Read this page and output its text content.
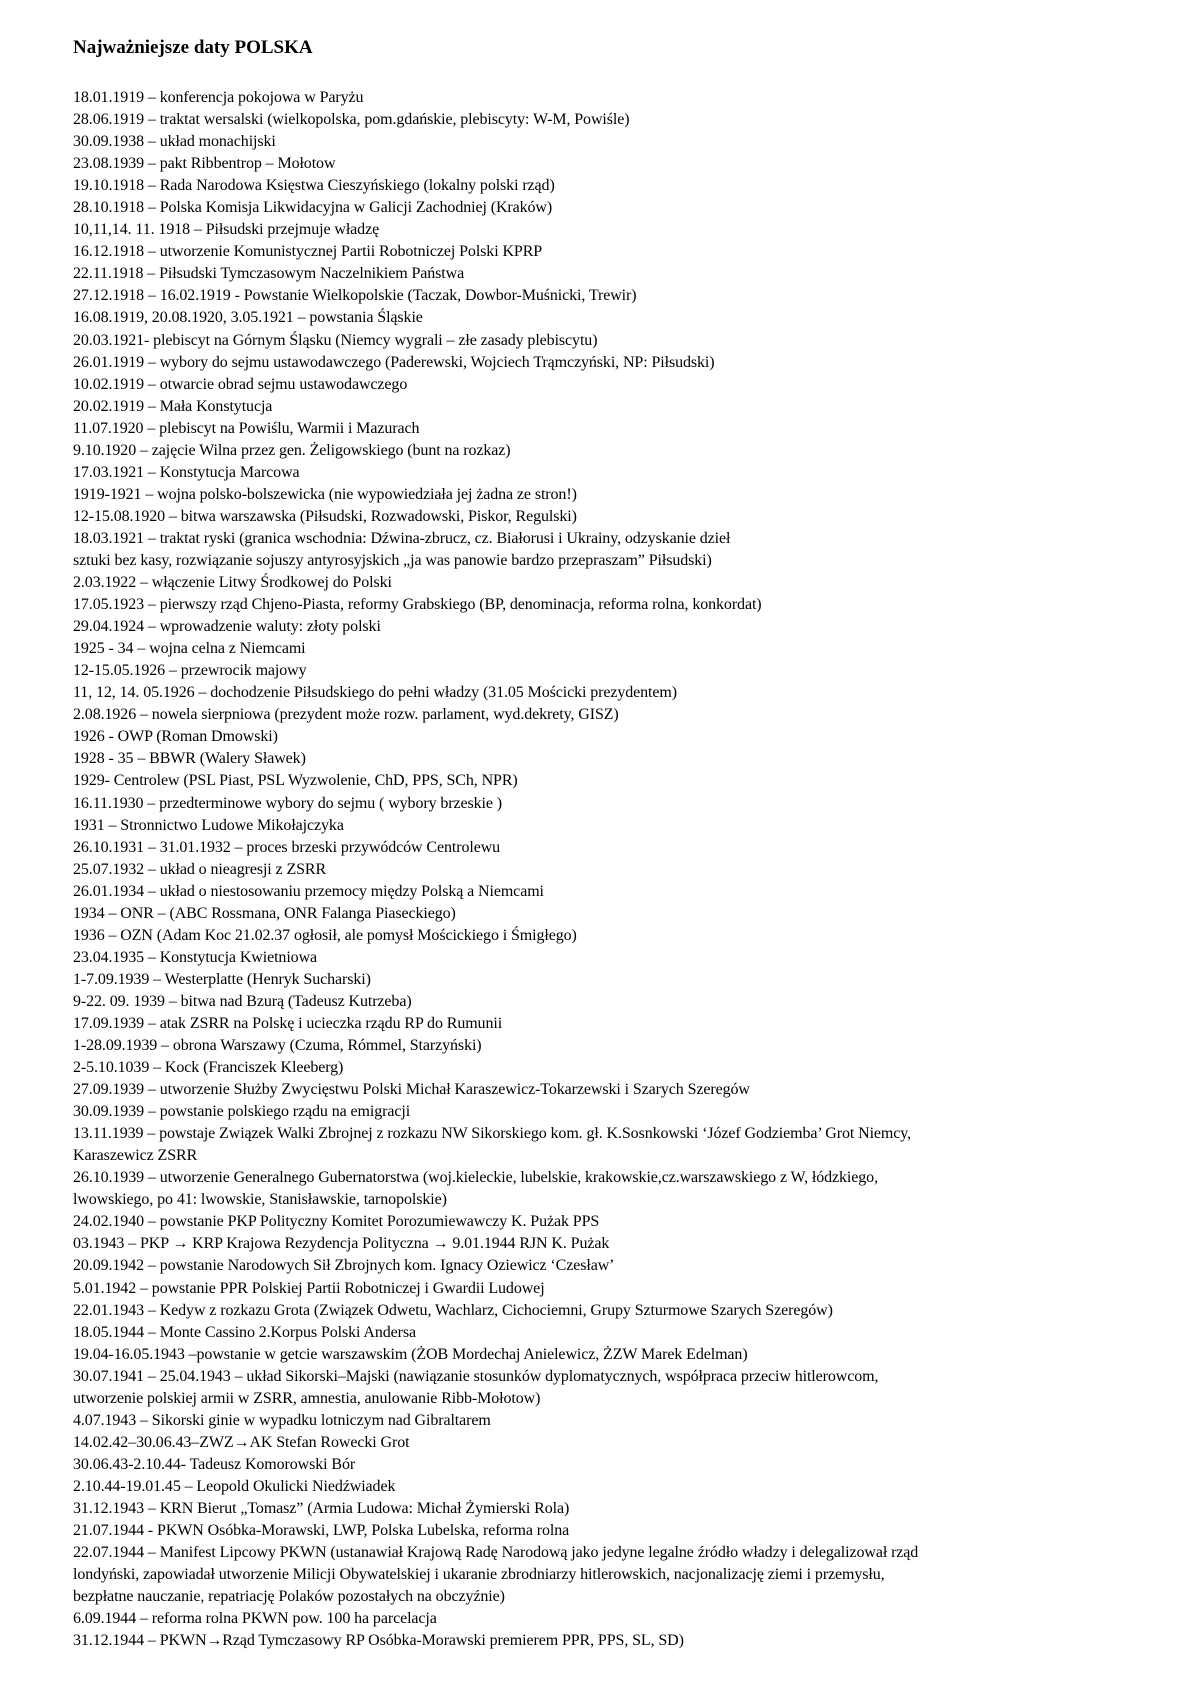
Najważniejsze daty POLSKA
18.01.1919 – konferencja pokojowa w Paryżu
28.06.1919 – traktat wersalski (wielkopolska, pom.gdańskie, plebiscyty: W-M, Powiśle)
30.09.1938 – układ monachijski
23.08.1939 – pakt Ribbentrop – Mołotow
19.10.1918 – Rada Narodowa Księstwa Cieszyńskiego (lokalny polski rząd)
28.10.1918 – Polska Komisja Likwidacyjna w Galicji Zachodniej (Kraków)
10,11,14. 11. 1918 – Piłsudski przejmuje władzę
16.12.1918 – utworzenie Komunistycznej Partii Robotniczej Polski KPRP
22.11.1918 – Piłsudski Tymczasowym Naczelnikiem Państwa
27.12.1918 – 16.02.1919 - Powstanie Wielkopolskie (Taczak, Dowbor-Muśnicki, Trewir)
16.08.1919, 20.08.1920, 3.05.1921 – powstania Śląskie
20.03.1921- plebiscyt na Górnym Śląsku (Niemcy wygrali – złe zasady plebiscytu)
26.01.1919 – wybory do sejmu ustawodawczego (Paderewski, Wojciech Trąmczyński, NP: Piłsudski)
10.02.1919 – otwarcie obrad sejmu ustawodawczego
20.02.1919 – Mała Konstytucja
11.07.1920 – plebiscyt na Powiślu, Warmii i Mazurach
9.10.1920 – zajęcie Wilna przez gen. Żeligowskiego (bunt na rozkaz)
17.03.1921 – Konstytucja Marcowa
1919-1921 – wojna polsko-bolszewicka (nie wypowiedziała jej żadna ze stron!)
12-15.08.1920 – bitwa warszawska (Piłsudski, Rozwadowski, Piskor, Regulski)
18.03.1921 – traktat ryski (granica wschodnia: Dźwina-zbrucz, cz. Białorusi i Ukrainy, odzyskanie dzieł
sztuki bez kasy, rozwiązanie sojuszy antyrosyjskich „ja was panowie bardzo przepraszam” Piłsudski)
2.03.1922 – włączenie Litwy Środkowej do Polski
17.05.1923 – pierwszy rząd Chjeno-Piasta, reformy Grabskiego (BP, denominacja, reforma rolna, konkordat)
29.04.1924 – wprowadzenie waluty: złoty polski
1925 - 34 – wojna celna z Niemcami
12-15.05.1926 – przewrocik majowy
11, 12, 14. 05.1926 – dochodzenie Piłsudskiego do pełni władzy (31.05 Mościcki prezydentem)
2.08.1926 – nowela sierpniowa (prezydent może rozw. parlament, wyd.dekrety, GISZ)
1926 - OWP (Roman Dmowski)
1928 - 35 – BBWR (Walery Sławek)
1929- Centrolew (PSL Piast, PSL Wyzwolenie, ChD, PPS, SCh, NPR)
16.11.1930 – przedterminowe wybory do sejmu ( wybory brzeskie )
1931 – Stronnictwo Ludowe Mikołajczyka
26.10.1931 – 31.01.1932 – proces brzeski przywódców Centrolewu
25.07.1932 – układ o nieagresji z ZSRR
26.01.1934 – układ o niestosowaniu przemocy między Polską a Niemcami
1934 – ONR – (ABC Rossmana, ONR Falanga Piaseckiego)
1936 – OZN (Adam Koc 21.02.37 ogłosił, ale pomysł Mościckiego i Śmigłego)
23.04.1935 – Konstytucja Kwietniowa
1-7.09.1939 – Westerplatte (Henryk Sucharski)
9-22. 09. 1939 – bitwa nad Bzurą (Tadeusz Kutrzeba)
17.09.1939 – atak ZSRR na Polskę i ucieczka rządu RP do Rumunii
1-28.09.1939 – obrona Warszawy (Czuma, Rómmel, Starzyński)
2-5.10.1039 – Kock (Franciszek Kleeberg)
27.09.1939 – utworzenie Służby Zwycięstwu Polski Michał Karaszewicz-Tokarzewski i Szarych Szeregów
30.09.1939 – powstanie polskiego rządu na emigracji
13.11.1939 – powstaje Związek Walki Zbrojnej z rozkazu NW Sikorskiego kom. gł. K.Sosnkowski ‘Józef Godziemba’ Grot Niemcy,
Karaszewicz ZSRR
26.10.1939 – utworzenie Generalnego Gubernatorstwa (woj.kieleckie, lubelskie, krakowskie,cz.warszawskiego z W, łódzkiego,
lwowskiego, po 41: lwowskie, Stanisławskie, tarnopolskie)
24.02.1940 – powstanie PKP Polityczny Komitet Porozumiewawczy K. Pużak PPS
03.1943 – PKP → KRP Krajowa Rezydencja Polityczna → 9.01.1944 RJN K. Pużak
20.09.1942 – powstanie Narodowych Sił Zbrojnych kom. Ignacy Oziewicz ‘Czesław’
5.01.1942 – powstanie PPR Polskiej Partii Robotniczej i Gwardii Ludowej
22.01.1943 – Kedyw z rozkazu Grota (Związek Odwetu, Wachlarz, Cichociemni, Grupy Szturmowe Szarych Szeregów)
18.05.1944 – Monte Cassino 2.Korpus Polski Andersa
19.04-16.05.1943 –powstanie w getcie warszawskim (ŻOB Mordechaj Anielewicz, ŻZW Marek Edelman)
30.07.1941 – 25.04.1943 – układ Sikorski–Majski (nawiązanie stosunków dyplomatycznych, współpraca przeciw hitlerowcom,
utworzenie polskiej armii w ZSRR, amnestia, anulowanie Ribb-Mołotow)
4.07.1943 – Sikorski ginie w wypadku lotniczym nad Gibraltarem
14.02.42–30.06.43–ZWZ→AK Stefan Rowecki Grot
30.06.43-2.10.44- Tadeusz Komorowski Bór
2.10.44-19.01.45 – Leopold Okulicki Niedźwiadek
31.12.1943 – KRN Bierut „Tomasz” (Armia Ludowa: Michał Żymierski Rola)
21.07.1944 - PKWN Osóbka-Morawski, LWP, Polska Lubelska, reforma rolna
22.07.1944 – Manifest Lipcowy PKWN (ustanawiał Krajową Radę Narodową jako jedyne legalne źródło władzy i delegalizował rząd
londyński, zapowiadał utworzenie Milicji Obywatelskiej i ukaranie zbrodniarzy hitlerowskich, nacjonalizację ziemi i przemysłu,
bezpłatne nauczanie, repatriację Polaków pozostałych na obczyźnie)
6.09.1944 – reforma rolna PKWN pow. 100 ha parcelacja
31.12.1944 – PKWN→Rząd Tymczasowy RP Osóbka-Morawski premierem PPR, PPS, SL, SD)
